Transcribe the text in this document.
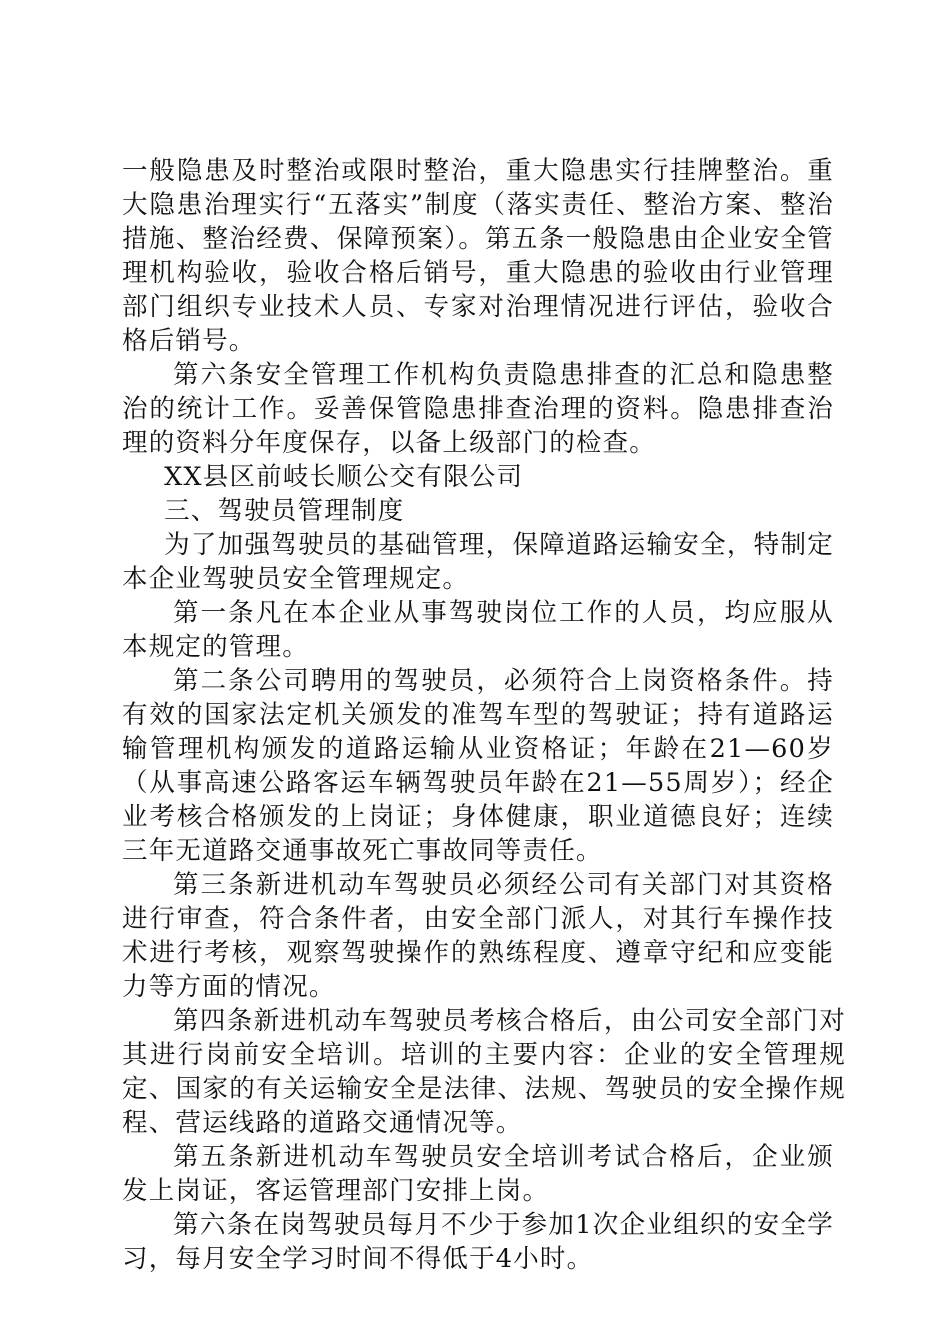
一般隐患及时整治或限时整治，重大隐患实行挂牌整治。重大隐患治理实行“五落实”制度（落实责任、整治方案、整治措施、整治经费、保障预案）。第五条一般隐患由企业安全管理机构验收，验收合格后销号，重大隐患的验收由行业管理部门组织专业技术人员、专家对治理情况进行评估，验收合格后销号。

第六条安全管理工作机构负责隐患排查的汇总和隐患整治的统计工作。妥善保管隐患排查治理的资料。隐患排查治理的资料分年度保存，以备上级部门的检查。

XX县区前岐长顺公交有限公司

三、驾驶员管理制度

为了加强驾驶员的基础管理，保障道路运输安全，特制定本企业驾驶员安全管理规定。

第一条凡在本企业从事驾驶岗位工作的人员，均应服从本规定的管理。

第二条公司聘用的驾驶员，必须符合上岗资格条件。持有效的国家法定机关颁发的准驾车型的驾驶证；持有道路运输管理机构颁发的道路运输从业资格证；年龄在21—60岁（从事高速公路客运车辆驾驶员年龄在21—55周岁）；经企业考核合格颁发的上岗证；身体健康，职业道德良好；连续三年无道路交通事故死亡事故同等责任。

第三条新进机动车驾驶员必须经公司有关部门对其资格进行审查，符合条件者，由安全部门派人，对其行车操作技术进行考核，观察驾驶操作的熟练程度、遵章守纪和应变能力等方面的情况。

第四条新进机动车驾驶员考核合格后，由公司安全部门对其进行岗前安全培训。培训的主要内容：企业的安全管理规定、国家的有关运输安全是法律、法规、驾驶员的安全操作规程、营运线路的道路交通情况等。

第五条新进机动车驾驶员安全培训考试合格后，企业颁发上岗证，客运管理部门安排上岗。

第六条在岗驾驶员每月不少于参加1次企业组织的安全学习，每月安全学习时间不得低于4小时。
